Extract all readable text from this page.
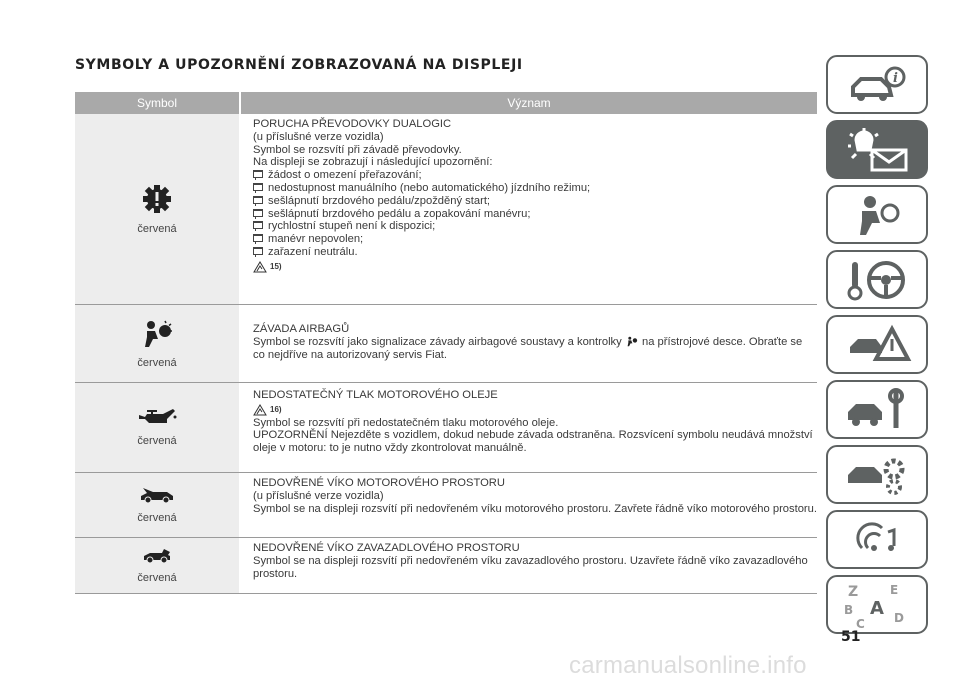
SYMBOLY A UPOZORNĚNÍ ZOBRAZOVANÁ NA DISPLEJI
Symbol	Význam
červená
PORUCHA PŘEVODOVKY DUALOGIC
(u příslušné verze vozidla)
Symbol se rozsvítí při závadě převodovky.
Na displeji se zobrazují i následující upozornění:
žádost o omezení přeřazování;
nedostupnost manuálního (nebo automatického) jízdního režimu;
sešlápnutí brzdového pedálu/zpožděný start;
sešlápnutí brzdového pedálu a zopakování manévru;
rychlostní stupeň není k dispozici;
manévr nepovolen;
zařazení neutrálu.
15)
červená
ZÁVADA AIRBAGŮ
Symbol se rozsvítí jako signalizace závady airbagové soustavy a kontrolky na přístrojové desce. Obraťte se co nejdříve na autorizovaný servis Fiat.
červená
NEDOSTATEČNÝ TLAK MOTOROVÉHO OLEJE
16)
Symbol se rozsvítí při nedostatečném tlaku motorového oleje.
UPOZORNĚNÍ Nejezděte s vozidlem, dokud nebude závada odstraněna. Rozsvícení symbolu neudává množství oleje v motoru: to je nutno vždy zkontrolovat manuálně.
červená
NEDOVŘENÉ VÍKO MOTOROVÉHO PROSTORU
(u příslušné verze vozidla)
Symbol se na displeji rozsvítí při nedovřeném víku motorového prostoru. Zavřete řádně víko motorového prostoru.
červená
NEDOVŘENÉ VÍKO ZAVAZADLOVÉHO PROSTORU
Symbol se na displeji rozsvítí při nedovřeném víku zavazadlového prostoru. Uzavřete řádně víko zavazadlového prostoru.
i
Z	E
B A
C D
51
carmanualsonline.info
